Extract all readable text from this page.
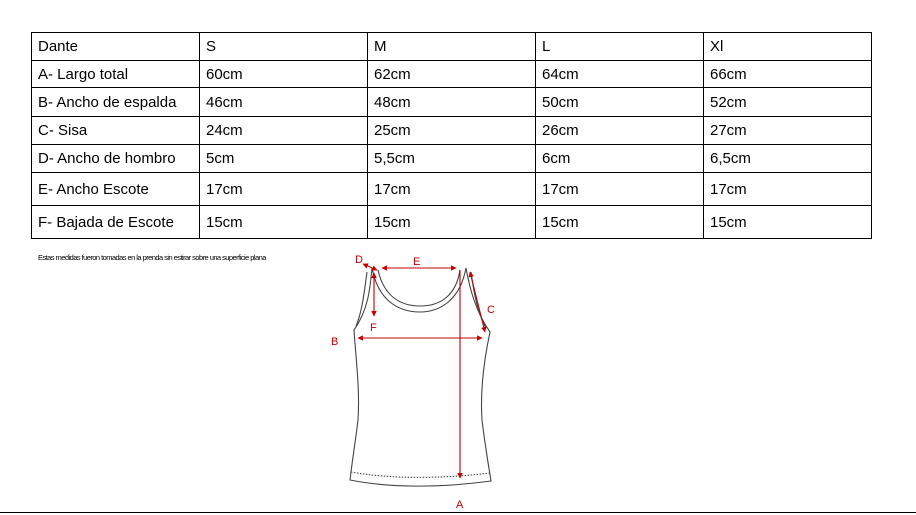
Dante	S	M	L	Xl
A- Largo total	60cm	62cm	64cm	66cm
B- Ancho de espalda	46cm	48cm	50cm	52cm
C- Sisa	24cm	25cm	26cm	27cm
D- Ancho de hombro	5cm	5,5cm	6cm	6,5cm
E- Ancho Escote	17cm	17cm	17cm	17cm
F- Bajada de Escote	15cm	15cm	15cm	15cm
Estas medidas fueron tomadas en la prenda sin estirar sobre una superficie plana
A
B
C
D	E
F
